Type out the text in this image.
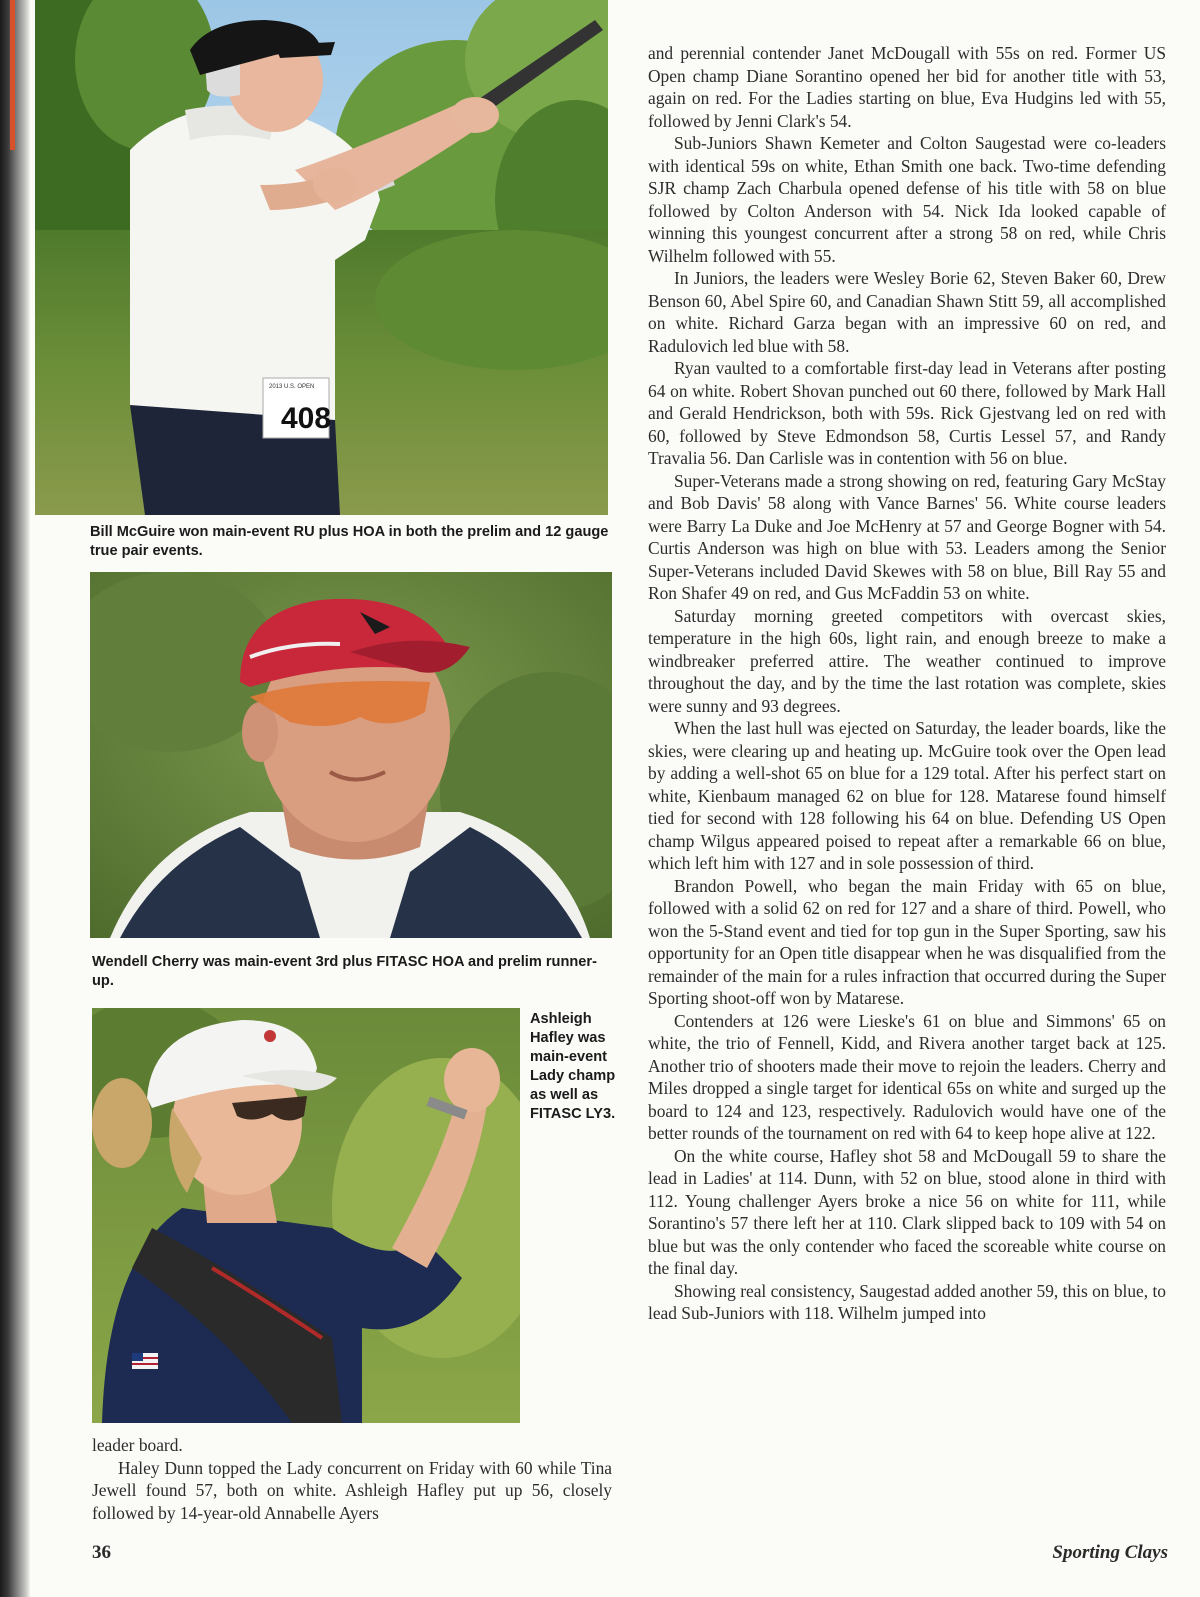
2013 U.S. OPEN
408
Bill McGuire won main-event RU plus HOA in both the prelim and 12 gauge true pair events.
Wendell Cherry was main-event 3rd plus FITASC HOA and prelim runner-up.
Ashleigh Hafley was main-event Lady champ as well as FITASC LY3.

leader board.

Haley Dunn topped the Lady concurrent on Friday with 60 while Tina Jewell found 57, both on white. Ashleigh Hafley put up 56, closely followed by 14-year-old Annabelle Ayers

and perennial contender Janet McDougall with 55s on red. Former US Open champ Diane Sorantino opened her bid for another title with 53, again on red. For the Ladies starting on blue, Eva Hudgins led with 55, followed by Jenni Clark's 54.

Sub-Juniors Shawn Kemeter and Colton Saugestad were co-leaders with identical 59s on white, Ethan Smith one back. Two-time defending SJR champ Zach Charbula opened defense of his title with 58 on blue followed by Colton Anderson with 54. Nick Ida looked capable of winning this youngest concurrent after a strong 58 on red, while Chris Wilhelm followed with 55.

In Juniors, the leaders were Wesley Borie 62, Steven Baker 60, Drew Benson 60, Abel Spire 60, and Canadian Shawn Stitt 59, all accomplished on white. Richard Garza began with an impressive 60 on red, and Radulovich led blue with 58.

Ryan vaulted to a comfortable first-day lead in Veterans after posting 64 on white. Robert Shovan punched out 60 there, followed by Mark Hall and Gerald Hendrickson, both with 59s. Rick Gjestvang led on red with 60, followed by Steve Edmondson 58, Curtis Lessel 57, and Randy Travalia 56. Dan Carlisle was in contention with 56 on blue.

Super-Veterans made a strong showing on red, featuring Gary McStay and Bob Davis' 58 along with Vance Barnes' 56. White course leaders were Barry La Duke and Joe McHenry at 57 and George Bogner with 54. Curtis Anderson was high on blue with 53. Leaders among the Senior Super-Veterans included David Skewes with 58 on blue, Bill Ray 55 and Ron Shafer 49 on red, and Gus McFaddin 53 on white.

Saturday morning greeted competitors with overcast skies, temperature in the high 60s, light rain, and enough breeze to make a windbreaker preferred attire. The weather continued to improve throughout the day, and by the time the last rotation was complete, skies were sunny and 93 degrees.

When the last hull was ejected on Saturday, the leader boards, like the skies, were clearing up and heating up. McGuire took over the Open lead by adding a well-shot 65 on blue for a 129 total. After his perfect start on white, Kienbaum managed 62 on blue for 128. Matarese found himself tied for second with 128 following his 64 on blue. Defending US Open champ Wilgus appeared poised to repeat after a remarkable 66 on blue, which left him with 127 and in sole possession of third.

Brandon Powell, who began the main Friday with 65 on blue, followed with a solid 62 on red for 127 and a share of third. Powell, who won the 5-Stand event and tied for top gun in the Super Sporting, saw his opportunity for an Open title disappear when he was disqualified from the remainder of the main for a rules infraction that occurred during the Super Sporting shoot-off won by Matarese.

Contenders at 126 were Lieske's 61 on blue and Simmons' 65 on white, the trio of Fennell, Kidd, and Rivera another target back at 125. Another trio of shooters made their move to rejoin the leaders. Cherry and Miles dropped a single target for identical 65s on white and surged up the board to 124 and 123, respectively. Radulovich would have one of the better rounds of the tournament on red with 64 to keep hope alive at 122.

On the white course, Hafley shot 58 and McDougall 59 to share the lead in Ladies' at 114. Dunn, with 52 on blue, stood alone in third with 112. Young challenger Ayers broke a nice 56 on white for 111, while Sorantino's 57 there left her at 110. Clark slipped back to 109 with 54 on blue but was the only contender who faced the scoreable white course on the final day.

Showing real consistency, Saugestad added another 59, this on blue, to lead Sub-Juniors with 118. Wilhelm jumped into

36	Sporting Clays
